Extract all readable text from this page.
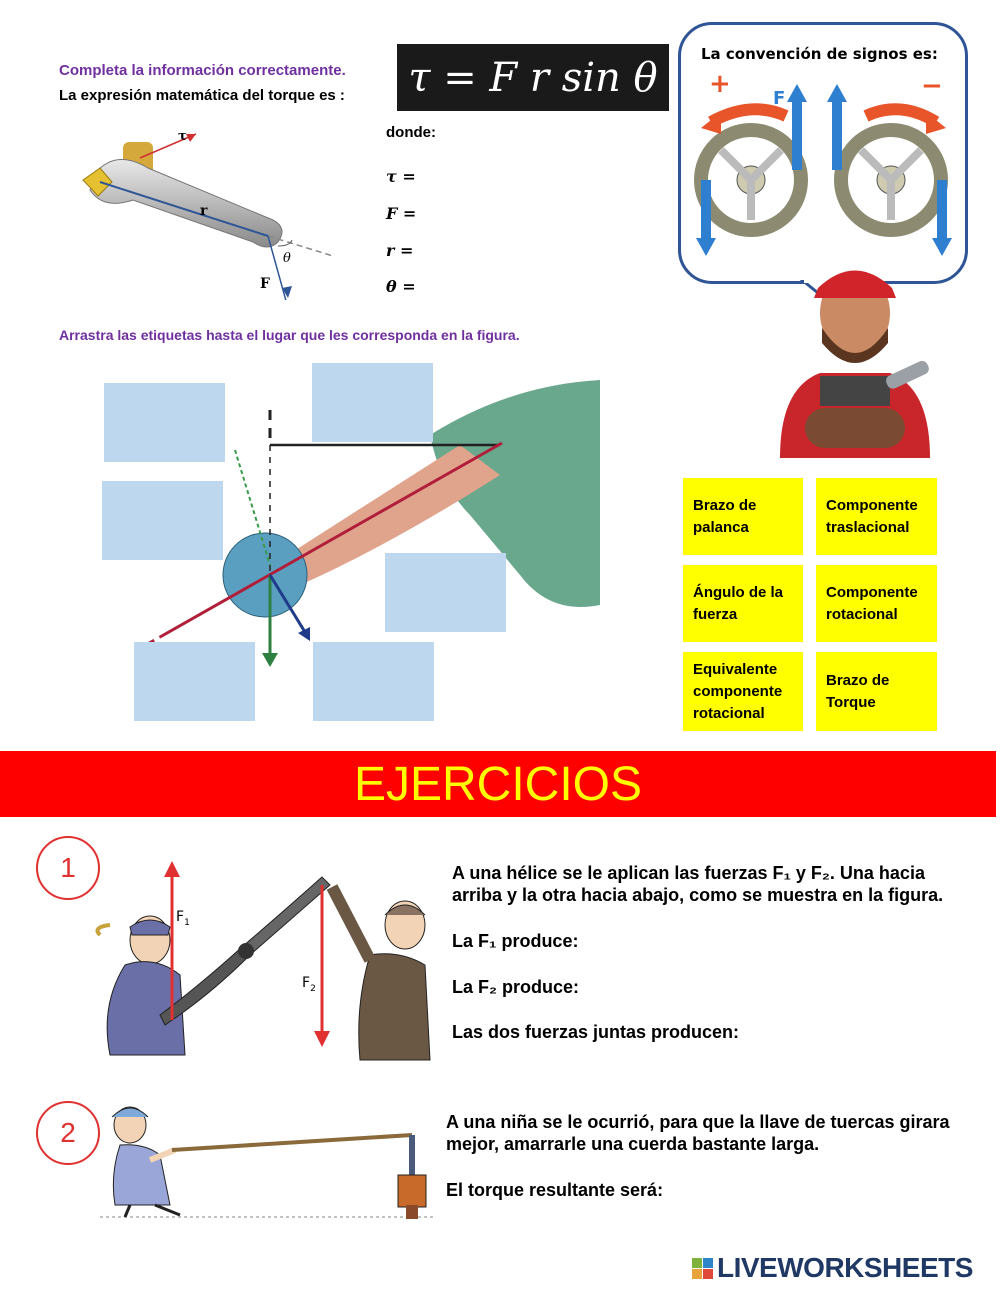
Completa la información correctamente.
La expresión matemática del torque es : τ = F r sin θ
donde:
τ =
F =
r =
θ =
τ
r
θ
F
La convención de signos es:
+ F	−
Arrastra las etiquetas hasta el lugar que les corresponda en la figura.
Brazo de palanca
Componente traslacional
Ángulo de la fuerza
Componente rotacional
Equivalente componente rotacional
Brazo de Torque
EJERCICIOS
1
$F_1$
$F_2$
A una hélice se le aplican las fuerzas F₁ y F₂. Una hacia arriba y la otra hacia abajo, como se muestra en la figura.
La F₁ produce:
La F₂ produce:
Las dos fuerzas juntas producen:
2	A una niña se le ocurrió, para que la llave de tuercas girara mejor, amarrarle una cuerda bastante larga.
El torque resultante será:
LIVEWORKSHEETS
